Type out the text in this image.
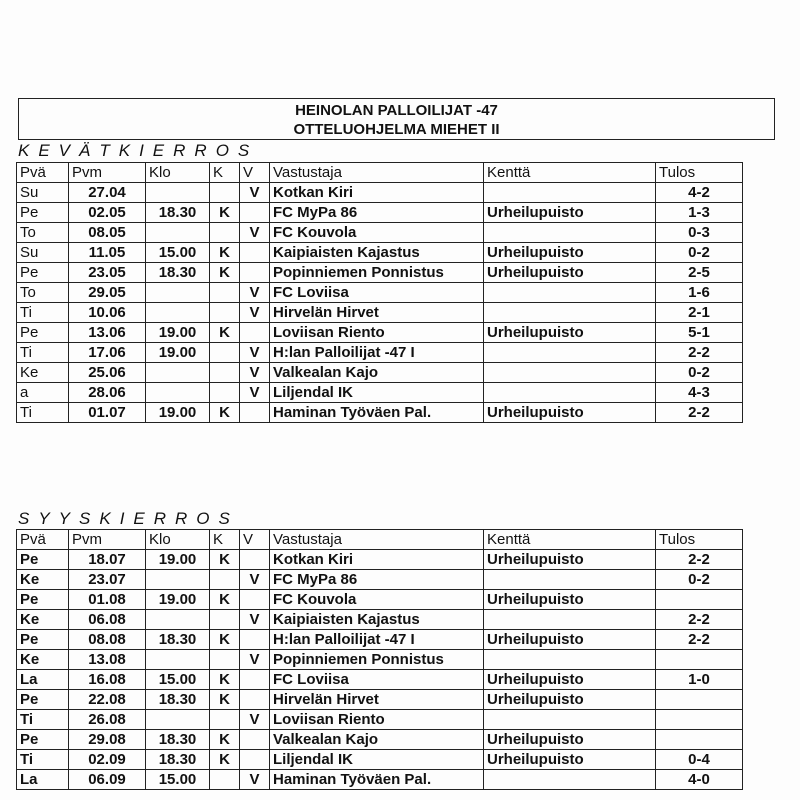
HEINOLAN PALLOILIJAT -47
OTTELUOHJELMA MIEHET II
KEVÄTKIERROS
Pvä	Pvm	Klo	K	V	Vastustaja	Kenttä	Tulos
Su	27.04			V	Kotkan Kiri		4-2
Pe	02.05	18.30	K		FC MyPa 86	Urheilupuisto	1-3
To	08.05			V	FC Kouvola		0-3
Su	11.05	15.00	K		Kaipiaisten Kajastus	Urheilupuisto	0-2
Pe	23.05	18.30	K		Popinniemen Ponnistus	Urheilupuisto	2-5
To	29.05			V	FC Loviisa		1-6
Ti	10.06			V	Hirvelän Hirvet		2-1
Pe	13.06	19.00	K		Loviisan Riento	Urheilupuisto	5-1
Ti	17.06	19.00		V	H:lan Palloilijat -47 I		2-2
Ke	25.06			V	Valkealan Kajo		0-2
a	28.06			V	Liljendal IK		4-3
Ti	01.07	19.00	K		Haminan Työväen Pal.	Urheilupuisto	2-2
SYYSKIERROS
Pvä	Pvm	Klo	K	V	Vastustaja	Kenttä	Tulos
Pe	18.07	19.00	K		Kotkan Kiri	Urheilupuisto	2-2
Ke	23.07			V	FC MyPa 86		0-2
Pe	01.08	19.00	K		FC Kouvola	Urheilupuisto	
Ke	06.08			V	Kaipiaisten Kajastus		2-2
Pe	08.08	18.30	K		H:lan Palloilijat -47 I	Urheilupuisto	2-2
Ke	13.08			V	Popinniemen Ponnistus		
La	16.08	15.00	K		FC Loviisa	Urheilupuisto	1-0
Pe	22.08	18.30	K		Hirvelän Hirvet	Urheilupuisto	
Ti	26.08			V	Loviisan Riento		
Pe	29.08	18.30	K		Valkealan Kajo	Urheilupuisto	
Ti	02.09	18.30	K		Liljendal IK	Urheilupuisto	0-4
La	06.09	15.00		V	Haminan Työväen Pal.		4-0
